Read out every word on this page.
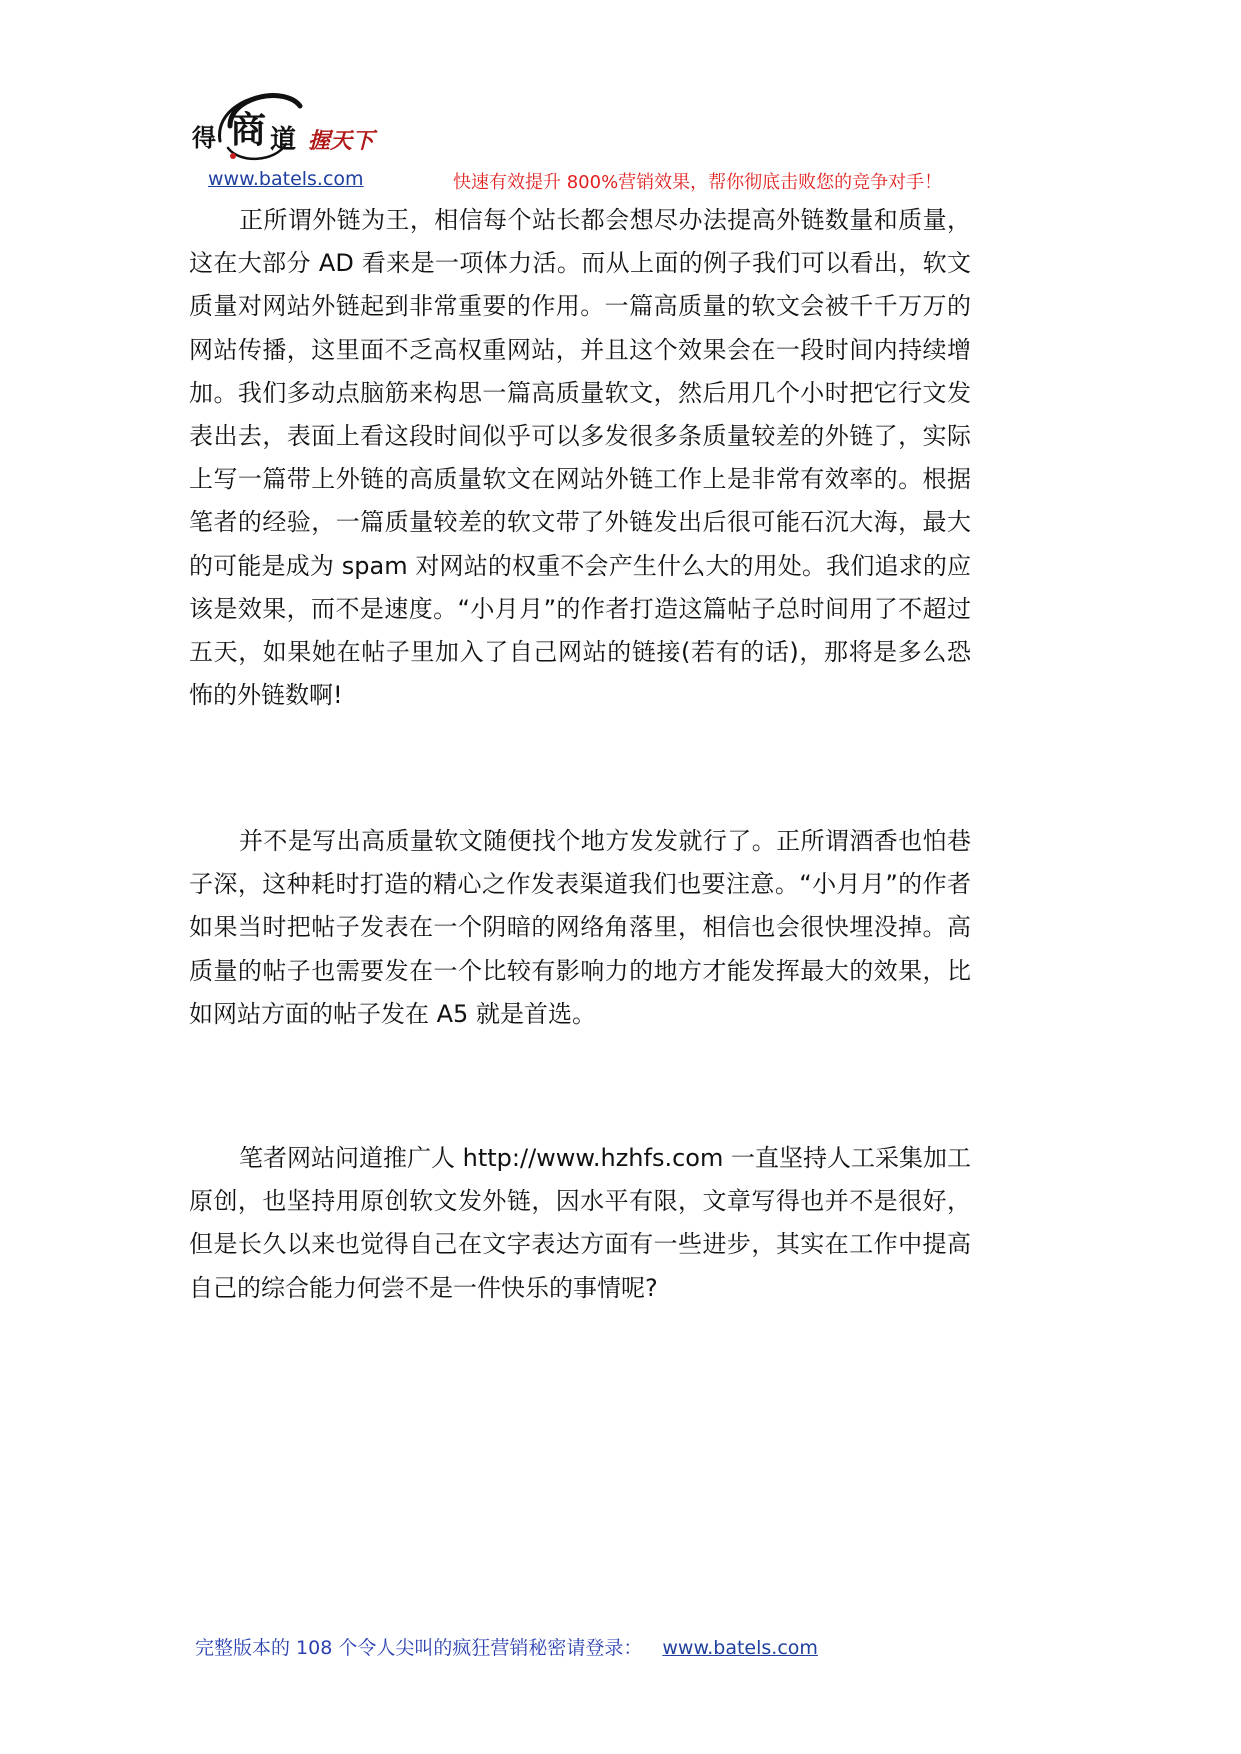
得 商 道 握天下
www.batels.com	快速有效提升 800%营销效果，帮你彻底击败您的竞争对手！

正所谓外链为王，相信每个站长都会想尽办法提高外链数量和质量，这在大部分 AD 看来是一项体力活。而从上面的例子我们可以看出，软文质量对网站外链起到非常重要的作用。一篇高质量的软文会被千千万万的网站传播，这里面不乏高权重网站，并且这个效果会在一段时间内持续增加。我们多动点脑筋来构思一篇高质量软文，然后用几个小时把它行文发表出去，表面上看这段时间似乎可以多发很多条质量较差的外链了，实际上写一篇带上外链的高质量软文在网站外链工作上是非常有效率的。根据笔者的经验，一篇质量较差的软文带了外链发出后很可能石沉大海，最大的可能是成为 spam 对网站的权重不会产生什么大的用处。我们追求的应该是效果，而不是速度。“小月月”的作者打造这篇帖子总时间用了不超过五天，如果她在帖子里加入了自己网站的链接(若有的话)，那将是多么恐怖的外链数啊!

并不是写出高质量软文随便找个地方发发就行了。正所谓酒香也怕巷子深，这种耗时打造的精心之作发表渠道我们也要注意。“小月月”的作者如果当时把帖子发表在一个阴暗的网络角落里，相信也会很快埋没掉。高质量的帖子也需要发在一个比较有影响力的地方才能发挥最大的效果，比如网站方面的帖子发在 A5 就是首选。

笔者网站问道推广人 http://www.hzhfs.com 一直坚持人工采集加工原创，也坚持用原创软文发外链，因水平有限，文章写得也并不是很好，但是长久以来也觉得自己在文字表达方面有一些进步，其实在工作中提高自己的综合能力何尝不是一件快乐的事情呢?

完整版本的 108 个令人尖叫的疯狂营销秘密请登录： www.batels.com
